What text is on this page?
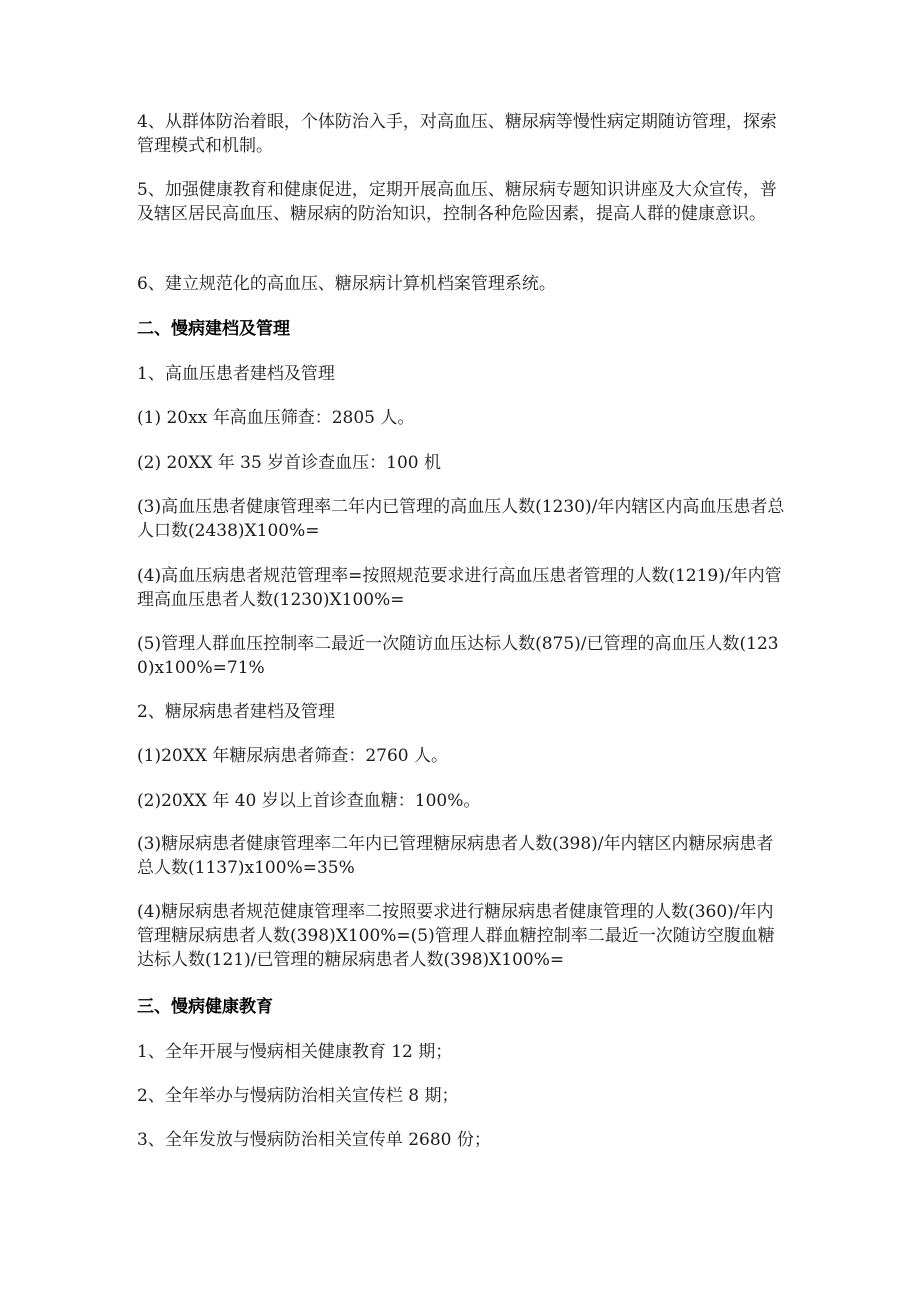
4、从群体防治着眼，个体防治入手，对高血压、糖尿病等慢性病定期随访管理，探索管理模式和机制。

5、加强健康教育和健康促进，定期开展高血压、糖尿病专题知识讲座及大众宣传，普及辖区居民高血压、糖尿病的防治知识，控制各种危险因素，提高人群的健康意识。

6、建立规范化的高血压、糖尿病计算机档案管理系统。

二、慢病建档及管理

1、高血压患者建档及管理

(1) 20xx 年高血压筛查：2805 人。

(2) 20XX 年 35 岁首诊查血压：100 机

(3)高血压患者健康管理率二年内已管理的高血压人数(1230)/年内辖区内高血压患者总人口数(2438)X100%=

(4)高血压病患者规范管理率=按照规范要求进行高血压患者管理的人数(1219)/年内管理高血压患者人数(1230)X100%=

(5)管理人群血压控制率二最近一次随访血压达标人数(875)/已管理的高血压人数(1230)x100%=71%

2、糖尿病患者建档及管理

(1)20XX 年糖尿病患者筛查：2760 人。

(2)20XX 年 40 岁以上首诊查血糖：100%。

(3)糖尿病患者健康管理率二年内已管理糖尿病患者人数(398)/年内辖区内糖尿病患者总人数(1137)x100%=35%

(4)糖尿病患者规范健康管理率二按照要求进行糖尿病患者健康管理的人数(360)/年内管理糖尿病患者人数(398)X100%=(5)管理人群血糖控制率二最近一次随访空腹血糖达标人数(121)/已管理的糖尿病患者人数(398)X100%=

三、慢病健康教育

1、全年开展与慢病相关健康教育 12 期；

2、全年举办与慢病防治相关宣传栏 8 期；

3、全年发放与慢病防治相关宣传单 2680 份；
